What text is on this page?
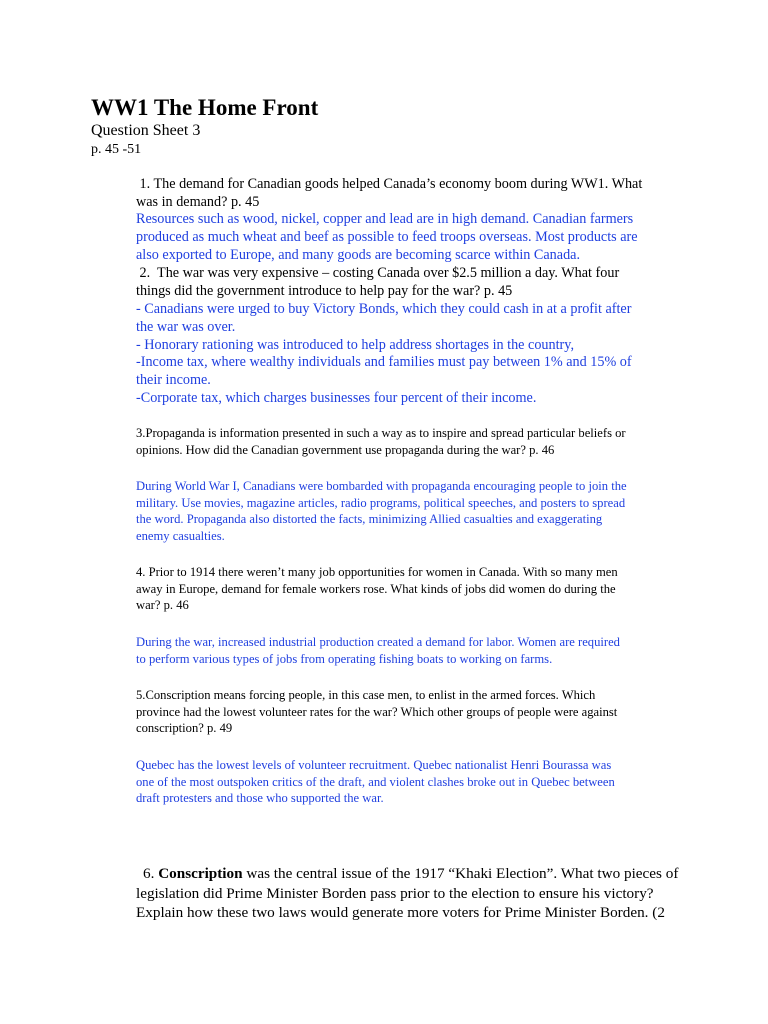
WW1 The Home Front
Question Sheet 3
p. 45 -51
1. The demand for Canadian goods helped Canada’s economy boom during WW1. What
was in demand? p. 45
Resources such as wood, nickel, copper and lead are in high demand. Canadian farmers
produced as much wheat and beef as possible to feed troops overseas. Most products are
also exported to Europe, and many goods are becoming scarce within Canada.
2.  The war was very expensive – costing Canada over $2.5 million a day. What four
things did the government introduce to help pay for the war? p. 45
- Canadians were urged to buy Victory Bonds, which they could cash in at a profit after
the war was over.
- Honorary rationing was introduced to help address shortages in the country,
-Income tax, where wealthy individuals and families must pay between 1% and 15% of
their income.
-Corporate tax, which charges businesses four percent of their income.
3.Propaganda is information presented in such a way as to inspire and spread particular beliefs or
opinions. How did the Canadian government use propaganda during the war? p. 46
During World War I, Canadians were bombarded with propaganda encouraging people to join the
military. Use movies, magazine articles, radio programs, political speeches, and posters to spread
the word. Propaganda also distorted the facts, minimizing Allied casualties and exaggerating
enemy casualties.
4. Prior to 1914 there weren’t many job opportunities for women in Canada. With so many men
away in Europe, demand for female workers rose. What kinds of jobs did women do during the
war? p. 46
During the war, increased industrial production created a demand for labor. Women are required
to perform various types of jobs from operating fishing boats to working on farms.
5.Conscription means forcing people, in this case men, to enlist in the armed forces. Which
province had the lowest volunteer rates for the war? Which other groups of people were against
conscription? p. 49
Quebec has the lowest levels of volunteer recruitment. Quebec nationalist Henri Bourassa was
one of the most outspoken critics of the draft, and violent clashes broke out in Quebec between
draft protesters and those who supported the war.
6. Conscription was the central issue of the 1917 “Khaki Election”. What two pieces of
legislation did Prime Minister Borden pass prior to the election to ensure his victory?
Explain how these two laws would generate more voters for Prime Minister Borden. (2
